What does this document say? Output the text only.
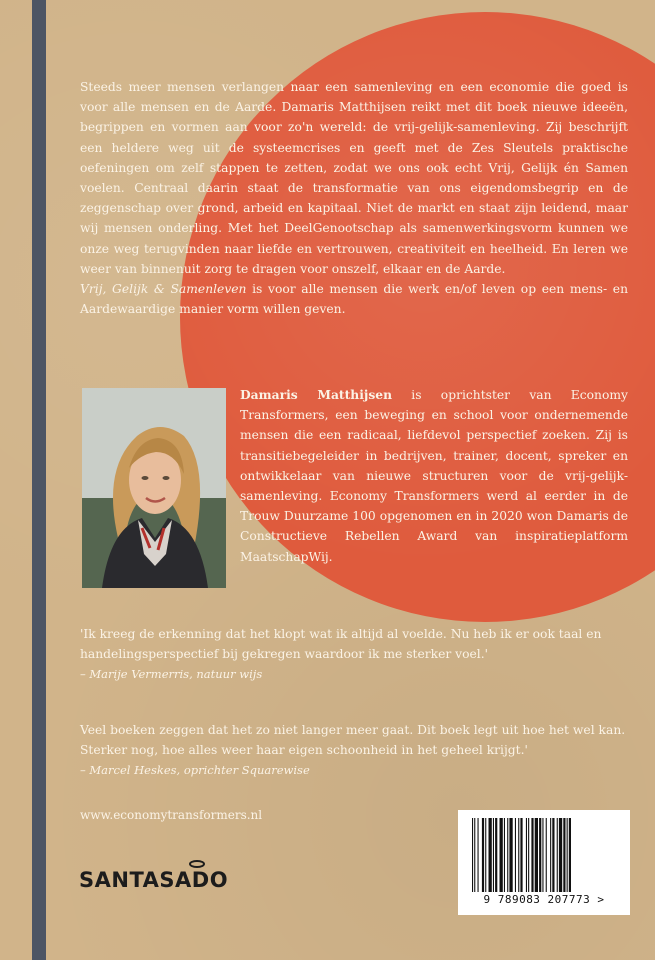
Steeds meer mensen verlangen naar een samenleving en een economie die goed is voor alle mensen en de Aarde. Damaris Matthijsen reikt met dit boek nieuwe ideeën, begrippen en vormen aan voor zo'n wereld: de vrij-gelijk-samenleving. Zij beschrijft een heldere weg uit de systeemcrises en geeft met de Zes Sleutels praktische oefeningen om zelf stappen te zetten, zodat we ons ook echt Vrij, Gelijk én Samen voelen. Centraal daarin staat de transformatie van ons eigendomsbegrip en de zeggenschap over grond, arbeid en kapitaal. Niet de markt en staat zijn leidend, maar wij mensen onderling. Met het DeelGenootschap als samenwerkingsvorm kunnen we onze weg terugvinden naar liefde en vertrouwen, creativiteit en heelheid. En leren we weer van binnenuit zorg te dragen voor onszelf, elkaar en de Aarde.
Vrij, Gelijk & Samenleven is voor alle mensen die werk en/of leven op een mens- en Aardewaardige manier vorm willen geven.

Damaris Matthijsen is oprichtster van Economy Transformers, een beweging en school voor ondernemende mensen die een radicaal, liefdevol perspectief zoeken. Zij is transitiebegeleider in bedrijven, trainer, docent, spreker en ontwikkelaar van nieuwe structuren voor de vrij-gelijk-samenleving. Economy Transformers werd al eerder in de Trouw Duurzame 100 opgenomen en in 2020 won Damaris de Constructieve Rebellen Award van inspiratieplatform MaatschapWij.
'Ik kreeg de erkenning dat het klopt wat ik altijd al voelde. Nu heb ik er ook taal en handelingsperspectief bij gekregen waardoor ik me sterker voel.'
– Marije Vermerris, natuur wijs
Veel boeken zeggen dat het zo niet langer meer gaat. Dit boek legt uit hoe het wel kan. Sterker nog, hoe alles weer haar eigen schoonheid in het geheel krijgt.'
– Marcel Heskes, oprichter Squarewise
www.economytransformers.nl
SANTASADO
9 789083 207773 >
